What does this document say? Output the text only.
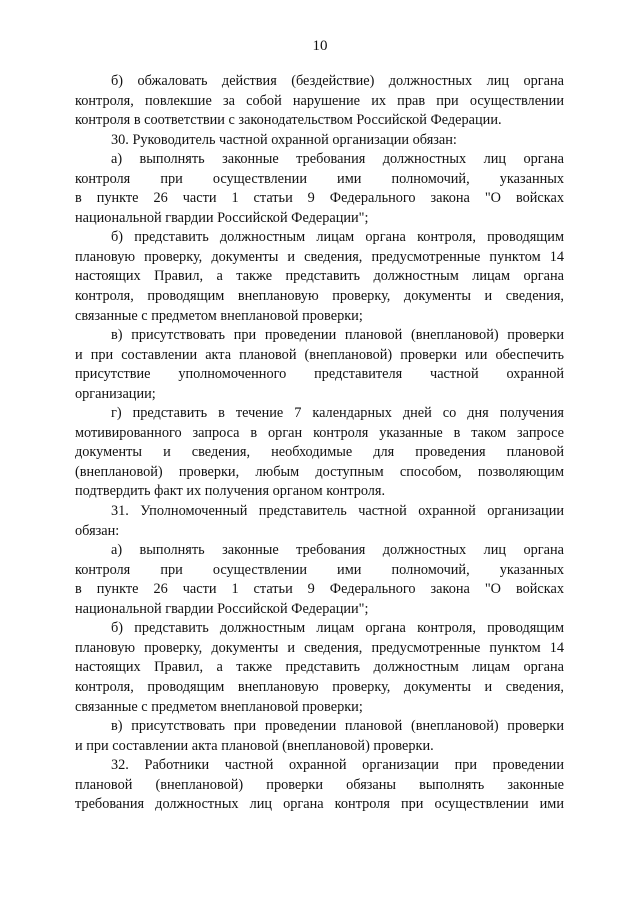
10
б) обжаловать действия (бездействие) должностных лиц органа
контроля, повлекшие за собой нарушение их прав при осуществлении
контроля в соответствии с законодательством Российской Федерации.
30. Руководитель частной охранной организации обязан:
а) выполнять законные требования должностных лиц органа
контроля при осуществлении ими полномочий, указанных
в пункте 26 части 1 статьи 9 Федерального закона "О войсках
национальной гвардии Российской Федерации";
б) представить должностным лицам органа контроля, проводящим
плановую проверку, документы и сведения, предусмотренные пунктом 14
настоящих Правил, а также представить должностным лицам органа
контроля, проводящим внеплановую проверку, документы и сведения,
связанные с предметом внеплановой проверки;
в) присутствовать при проведении плановой (внеплановой) проверки
и при составлении акта плановой (внеплановой) проверки или обеспечить
присутствие уполномоченного представителя частной охранной
организации;
г) представить в течение 7 календарных дней со дня получения
мотивированного запроса в орган контроля указанные в таком запросе
документы и сведения, необходимые для проведения плановой
(внеплановой) проверки, любым доступным способом, позволяющим
подтвердить факт их получения органом контроля.
31. Уполномоченный представитель частной охранной организации
обязан:
а) выполнять законные требования должностных лиц органа
контроля при осуществлении ими полномочий, указанных
в пункте 26 части 1 статьи 9 Федерального закона "О войсках
национальной гвардии Российской Федерации";
б) представить должностным лицам органа контроля, проводящим
плановую проверку, документы и сведения, предусмотренные пунктом 14
настоящих Правил, а также представить должностным лицам органа
контроля, проводящим внеплановую проверку, документы и сведения,
связанные с предметом внеплановой проверки;
в) присутствовать при проведении плановой (внеплановой) проверки
и при составлении акта плановой (внеплановой) проверки.
32. Работники частной охранной организации при проведении
плановой (внеплановой) проверки обязаны выполнять законные
требования должностных лиц органа контроля при осуществлении ими
